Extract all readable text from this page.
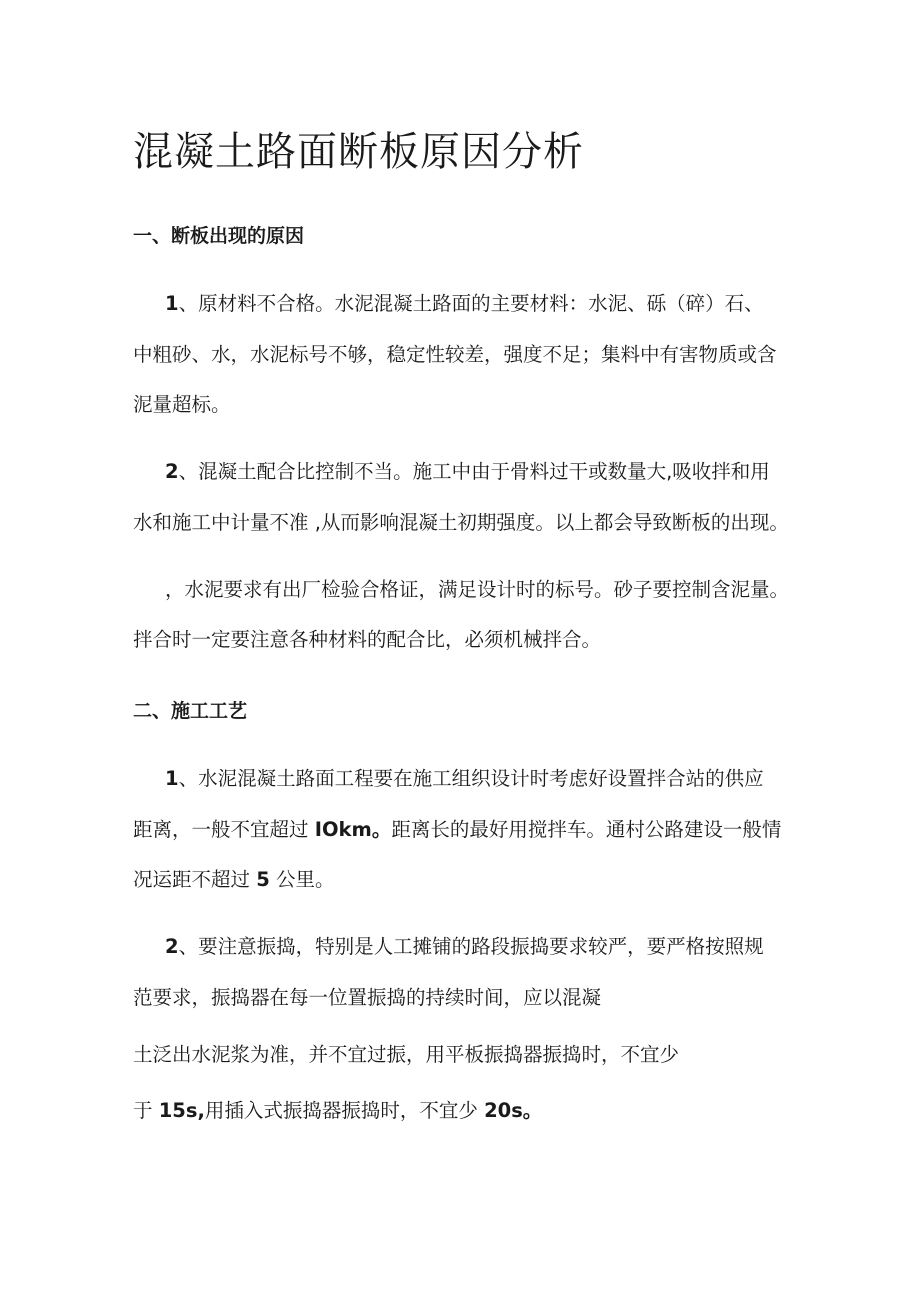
混凝土路面断板原因分析
一、断板出现的原因

1、原材料不合格。水泥混凝土路面的主要材料：水泥、砾（碎）石、

中粗砂、水，水泥标号不够，稳定性较差，强度不足；集料中有害物质或含

泥量超标。

2、混凝土配合比控制不当。施工中由于骨料过干或数量大,吸收拌和用

水和施工中计量不准 ,从而影响混凝土初期强度。以上都会导致断板的出现。

，水泥要求有出厂检验合格证，满足设计时的标号。砂子要控制含泥量。

拌合时一定要注意各种材料的配合比，必须机械拌合。

二、施工工艺

1、水泥混凝土路面工程要在施工组织设计时考虑好设置拌合站的供应

距离，一般不宜超过 IOkm。距离长的最好用搅拌车。通村公路建设一般情

况运距不超过 5 公里。

2、要注意振捣，特别是人工摊铺的路段振捣要求较严，要严格按照规

范要求，振捣器在每一位置振捣的持续时间，应以混凝

土泛出水泥浆为准，并不宜过振，用平板振捣器振捣时，不宜少

于 15s,用插入式振捣器振捣时，不宜少 20s。
